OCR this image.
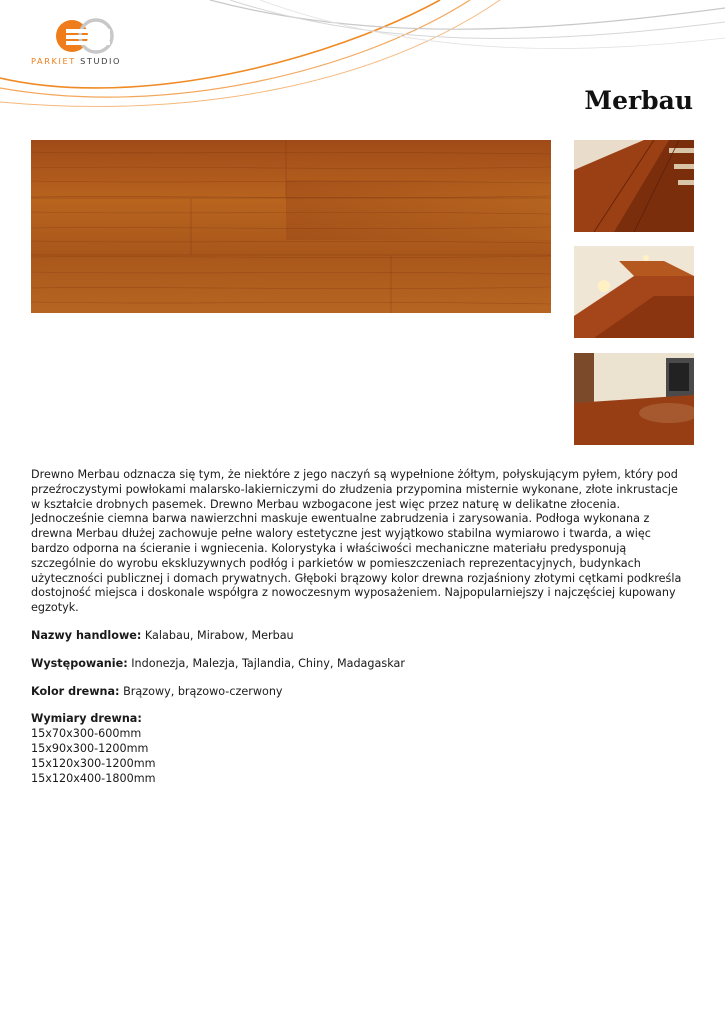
PARKIET STUDIO
Merbau

Drewno Merbau odznacza się tym, że niektóre z jego naczyń są wypełnione żółtym, połyskującym pyłem, który pod przeźroczystymi powłokami malarsko-lakierniczymi do złudzenia przypomina misternie wykonane, złote inkrustacje w kształcie drobnych pasemek. Drewno Merbau wzbogacone jest więc przez naturę w delikatne złocenia. Jednocześnie ciemna barwa nawierzchni maskuje ewentualne zabrudzenia i zarysowania. Podłoga wykonana z drewna Merbau dłużej zachowuje pełne walory estetyczne jest wyjątkowo stabilna wymiarowo i twarda, a więc bardzo odporna na ścieranie i wgniecenia. Kolorystyka i właściwości mechaniczne materiału predysponują szczególnie do wyrobu ekskluzywnych podłóg i parkietów w pomieszczeniach reprezentacyjnych, budynkach użyteczności publicznej i domach prywatnych. Głęboki brązowy kolor drewna rozjaśniony złotymi cętkami podkreśla dostojność miejsca i doskonale współgra z nowoczesnym wyposażeniem. Najpopularniejszy i najczęściej kupowany egzotyk.

Nazwy handlowe: Kalabau, Mirabow, Merbau

Występowanie: Indonezja, Malezja, Tajlandia, Chiny, Madagaskar

Kolor drewna: Brązowy, brązowo-czerwony

Wymiary drewna:
15x70x300-600mm
15x90x300-1200mm
15x120x300-1200mm
15x120x400-1800mm
